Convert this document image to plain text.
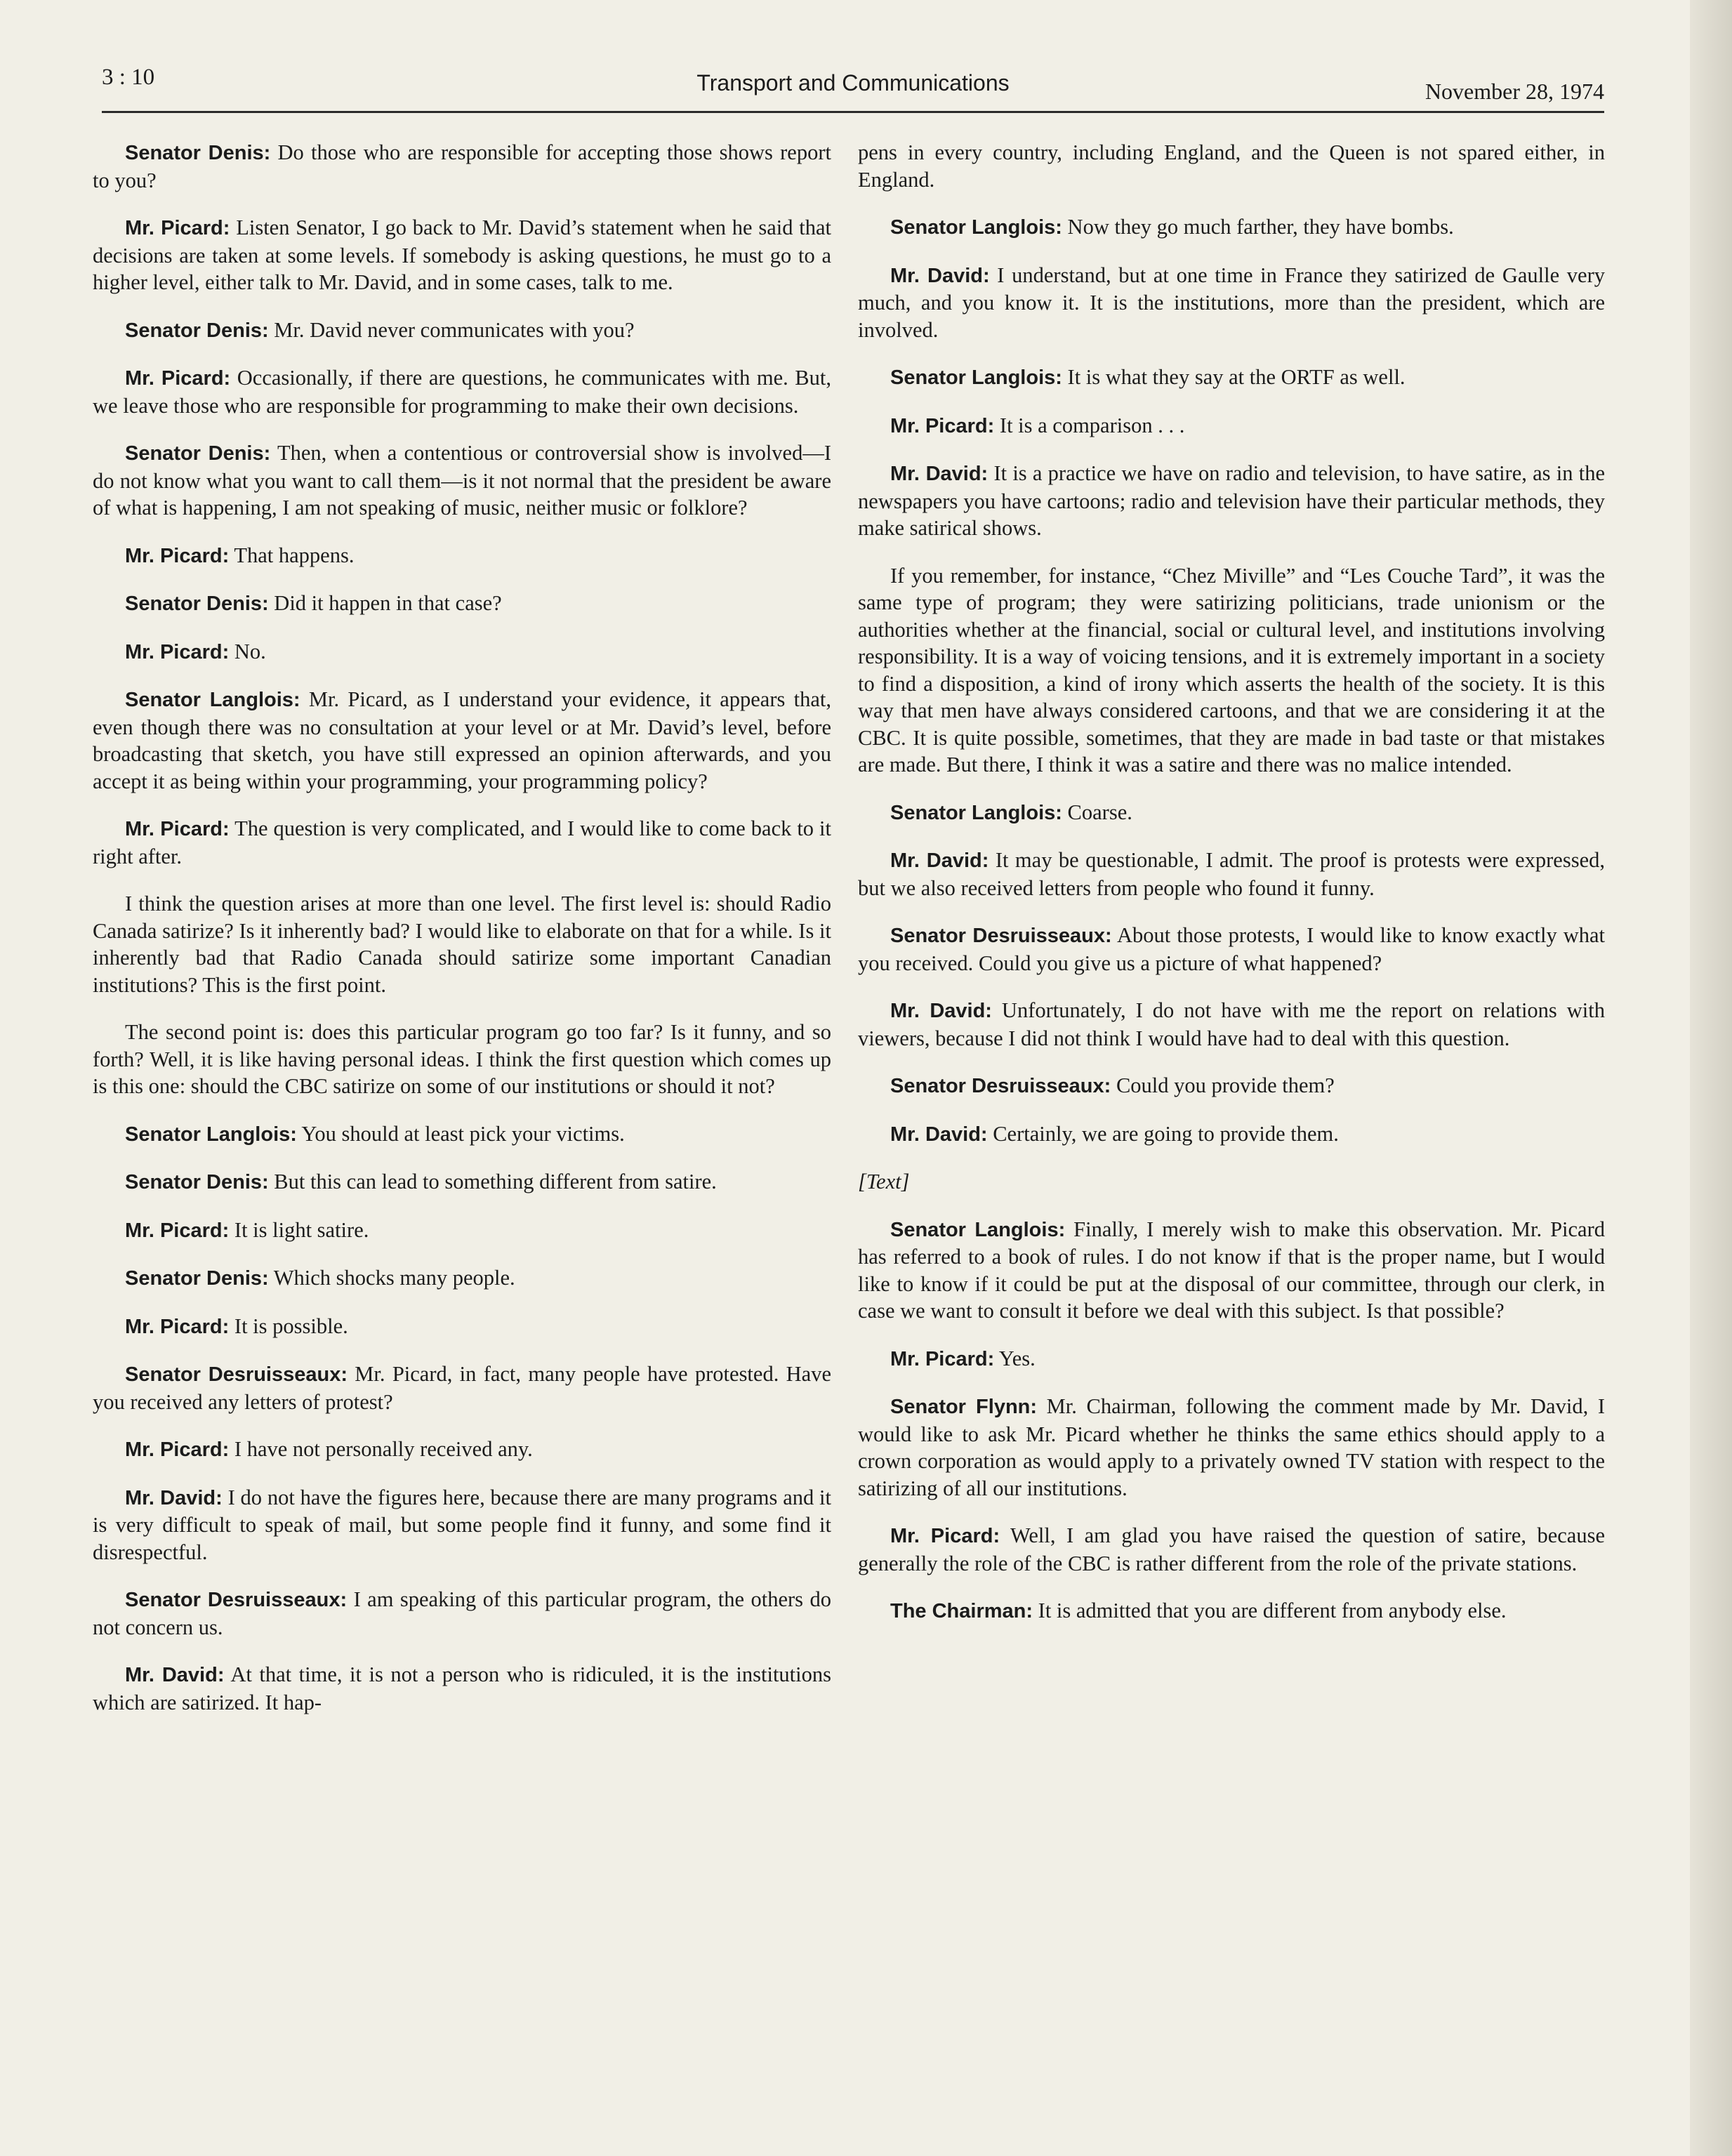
3 : 10	Transport and Communications	November 28, 1974

Senator Denis: Do those who are responsible for accepting those shows report to you?

Mr. Picard: Listen Senator, I go back to Mr. David’s statement when he said that decisions are taken at some levels. If somebody is asking questions, he must go to a higher level, either talk to Mr. David, and in some cases, talk to me.

Senator Denis: Mr. David never communicates with you?

Mr. Picard: Occasionally, if there are questions, he communicates with me. But, we leave those who are responsible for programming to make their own decisions.

Senator Denis: Then, when a contentious or controversial show is involved—I do not know what you want to call them—is it not normal that the president be aware of what is happening, I am not speaking of music, neither music or folklore?

Mr. Picard: That happens.

Senator Denis: Did it happen in that case?

Mr. Picard: No.

Senator Langlois: Mr. Picard, as I understand your evidence, it appears that, even though there was no consultation at your level or at Mr. David’s level, before broadcasting that sketch, you have still expressed an opinion afterwards, and you accept it as being within your programming, your programming policy?

Mr. Picard: The question is very complicated, and I would like to come back to it right after.

I think the question arises at more than one level. The first level is: should Radio Canada satirize? Is it inherently bad? I would like to elaborate on that for a while. Is it inherently bad that Radio Canada should satirize some important Canadian institutions? This is the first point.

The second point is: does this particular program go too far? Is it funny, and so forth? Well, it is like having personal ideas. I think the first question which comes up is this one: should the CBC satirize on some of our institutions or should it not?

Senator Langlois: You should at least pick your victims.

Senator Denis: But this can lead to something different from satire.

Mr. Picard: It is light satire.

Senator Denis: Which shocks many people.

Mr. Picard: It is possible.

Senator Desruisseaux: Mr. Picard, in fact, many people have protested. Have you received any letters of protest?

Mr. Picard: I have not personally received any.

Mr. David: I do not have the figures here, because there are many programs and it is very difficult to speak of mail, but some people find it funny, and some find it disrespectful.

Senator Desruisseaux: I am speaking of this particular program, the others do not concern us.

Mr. David: At that time, it is not a person who is ridiculed, it is the institutions which are satirized. It hap-

pens in every country, including England, and the Queen is not spared either, in England.

Senator Langlois: Now they go much farther, they have bombs.

Mr. David: I understand, but at one time in France they satirized de Gaulle very much, and you know it. It is the institutions, more than the president, which are involved.

Senator Langlois: It is what they say at the ORTF as well.

Mr. Picard: It is a comparison . . .

Mr. David: It is a practice we have on radio and television, to have satire, as in the newspapers you have cartoons; radio and television have their particular methods, they make satirical shows.

If you remember, for instance, “Chez Miville” and “Les Couche Tard”, it was the same type of program; they were satirizing politicians, trade unionism or the authorities whether at the financial, social or cultural level, and institutions involving responsibility. It is a way of voicing tensions, and it is extremely important in a society to find a disposition, a kind of irony which asserts the health of the society. It is this way that men have always considered cartoons, and that we are considering it at the CBC. It is quite possible, sometimes, that they are made in bad taste or that mistakes are made. But there, I think it was a satire and there was no malice intended.

Senator Langlois: Coarse.

Mr. David: It may be questionable, I admit. The proof is protests were expressed, but we also received letters from people who found it funny.

Senator Desruisseaux: About those protests, I would like to know exactly what you received. Could you give us a picture of what happened?

Mr. David: Unfortunately, I do not have with me the report on relations with viewers, because I did not think I would have had to deal with this question.

Senator Desruisseaux: Could you provide them?

Mr. David: Certainly, we are going to provide them.

[Text]

Senator Langlois: Finally, I merely wish to make this observation. Mr. Picard has referred to a book of rules. I do not know if that is the proper name, but I would like to know if it could be put at the disposal of our committee, through our clerk, in case we want to consult it before we deal with this subject. Is that possible?

Mr. Picard: Yes.

Senator Flynn: Mr. Chairman, following the comment made by Mr. David, I would like to ask Mr. Picard whether he thinks the same ethics should apply to a crown corporation as would apply to a privately owned TV station with respect to the satirizing of all our institutions.

Mr. Picard: Well, I am glad you have raised the question of satire, because generally the role of the CBC is rather different from the role of the private stations.

The Chairman: It is admitted that you are different from anybody else.
